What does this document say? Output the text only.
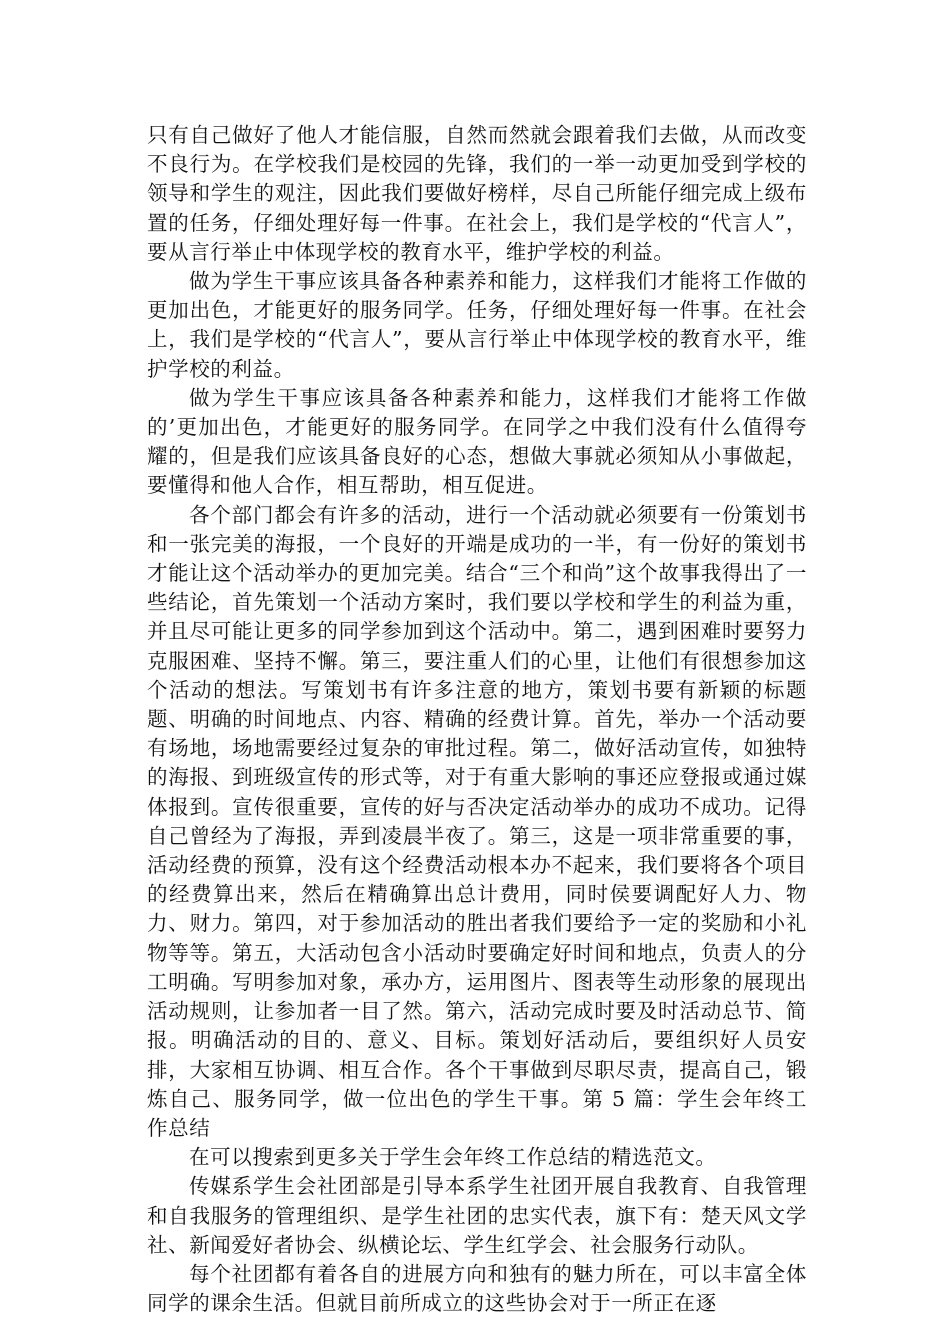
只有自己做好了他人才能信服，自然而然就会跟着我们去做，从而改变不良行为。在学校我们是校园的先锋，我们的一举一动更加受到学校的领导和学生的观注，因此我们要做好榜样，尽自己所能仔细完成上级布置的任务，仔细处理好每一件事。在社会上，我们是学校的“代言人”，要从言行举止中体现学校的教育水平，维护学校的利益。

做为学生干事应该具备各种素养和能力，这样我们才能将工作做的更加出色，才能更好的服务同学。任务，仔细处理好每一件事。在社会上，我们是学校的“代言人”，要从言行举止中体现学校的教育水平，维护学校的利益。

做为学生干事应该具备各种素养和能力，这样我们才能将工作做的’更加出色，才能更好的服务同学。在同学之中我们没有什么值得夸耀的，但是我们应该具备良好的心态，想做大事就必须知从小事做起，要懂得和他人合作，相互帮助，相互促进。

各个部门都会有许多的活动，进行一个活动就必须要有一份策划书和一张完美的海报，一个良好的开端是成功的一半，有一份好的策划书才能让这个活动举办的更加完美。结合“三个和尚”这个故事我得出了一些结论，首先策划一个活动方案时，我们要以学校和学生的利益为重，并且尽可能让更多的同学参加到这个活动中。第二，遇到困难时要努力克服困难、坚持不懈。第三，要注重人们的心里，让他们有很想参加这个活动的想法。写策划书有许多注意的地方，策划书要有新颖的标题题、明确的时间地点、内容、精确的经费计算。首先，举办一个活动要有场地，场地需要经过复杂的审批过程。第二，做好活动宣传，如独特的海报、到班级宣传的形式等，对于有重大影响的事还应登报或通过媒体报到。宣传很重要，宣传的好与否决定活动举办的成功不成功。记得自己曾经为了海报，弄到凌晨半夜了。第三，这是一项非常重要的事，活动经费的预算，没有这个经费活动根本办不起来，我们要将各个项目的经费算出来，然后在精确算出总计费用，同时侯要调配好人力、物力、财力。第四，对于参加活动的胜出者我们要给予一定的奖励和小礼物等等。第五，大活动包含小活动时要确定好时间和地点，负责人的分工明确。写明参加对象，承办方，运用图片、图表等生动形象的展现出活动规则，让参加者一目了然。第六，活动完成时要及时活动总节、简报。明确活动的目的、意义、目标。策划好活动后，要组织好人员安排，大家相互协调、相互合作。各个干事做到尽职尽责，提高自己，锻炼自己、服务同学，做一位出色的学生干事。第 5 篇：学生会年终工作总结

在可以搜索到更多关于学生会年终工作总结的精选范文。

传媒系学生会社团部是引导本系学生社团开展自我教育、自我管理和自我服务的管理组织、是学生社团的忠实代表，旗下有：楚天风文学社、新闻爱好者协会、纵横论坛、学生红学会、社会服务行动队。

每个社团都有着各自的进展方向和独有的魅力所在，可以丰富全体同学的课余生活。但就目前所成立的这些协会对于一所正在逐
